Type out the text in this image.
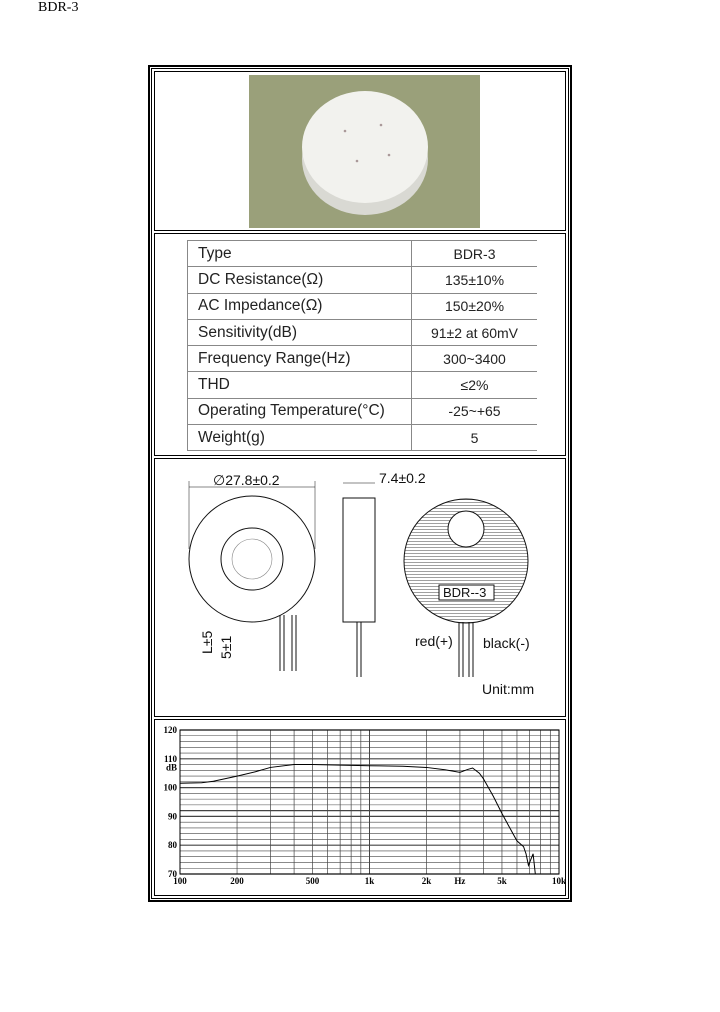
BDR-3
Type	BDR-3
DC Resistance(Ω)	135±10%
AC Impedance(Ω)	150±20%
Sensitivity(dB)	91±2 at 60mV
Frequency Range(Hz)	300~3400
THD	≤2%
Operating Temperature(°C)	-25~+65
Weight(g)	5
∅27.8±0.2	7.4±0.2
L±5 5±1
BDR--3
red(+) black(-)
Unit:mm
120
110
dB
100
90
80
70
100	200	500	1k	2k	Hz	5k	10k
